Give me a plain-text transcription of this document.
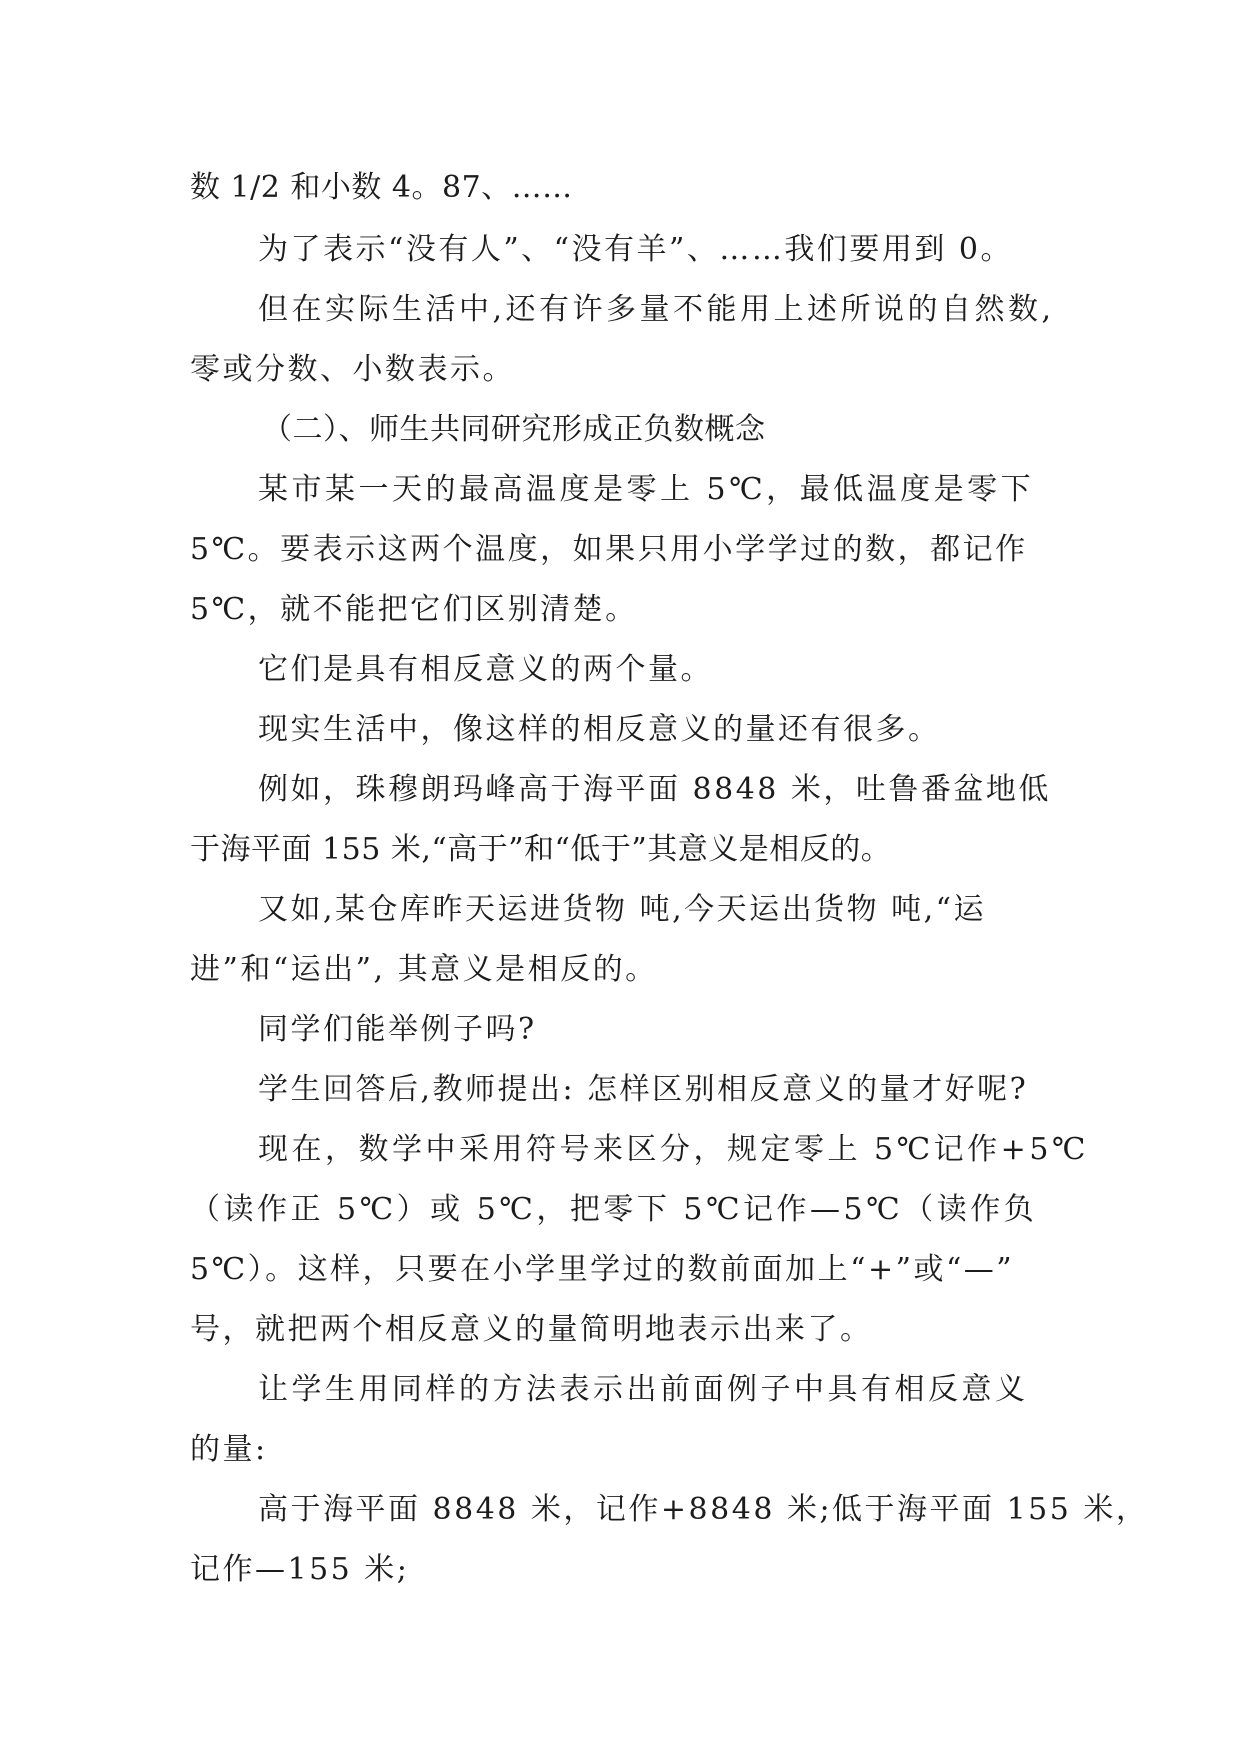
数 1/2 和小数 4。87、……
为了表示“没有人”、“没有羊”、……我们要用到 0。
但在实际生活中,还有许多量不能用上述所说的自然数,
零或分数、小数表示。
（二）、师生共同研究形成正负数概念
某市某一天的最高温度是零上 5℃，最低温度是零下
5℃。要表示这两个温度，如果只用小学学过的数，都记作
5℃，就不能把它们区别清楚。
它们是具有相反意义的两个量。
现实生活中，像这样的相反意义的量还有很多。
例如，珠穆朗玛峰高于海平面 8848 米，吐鲁番盆地低
于海平面 155 米,“高于”和“低于”其意义是相反的。
又如,某仓库昨天运进货物 吨,今天运出货物 吨,“运
进”和“运出”, 其意义是相反的。
同学们能举例子吗?
学生回答后,教师提出: 怎样区别相反意义的量才好呢?
现在，数学中采用符号来区分，规定零上 5℃记作+5℃
（读作正 5℃）或 5℃，把零下 5℃记作—5℃（读作负
5℃）。这样，只要在小学里学过的数前面加上“+”或“—”
号，就把两个相反意义的量简明地表示出来了。
让学生用同样的方法表示出前面例子中具有相反意义
的量:
高于海平面 8848 米，记作+8848 米;低于海平面 155 米，
记作—155 米;
